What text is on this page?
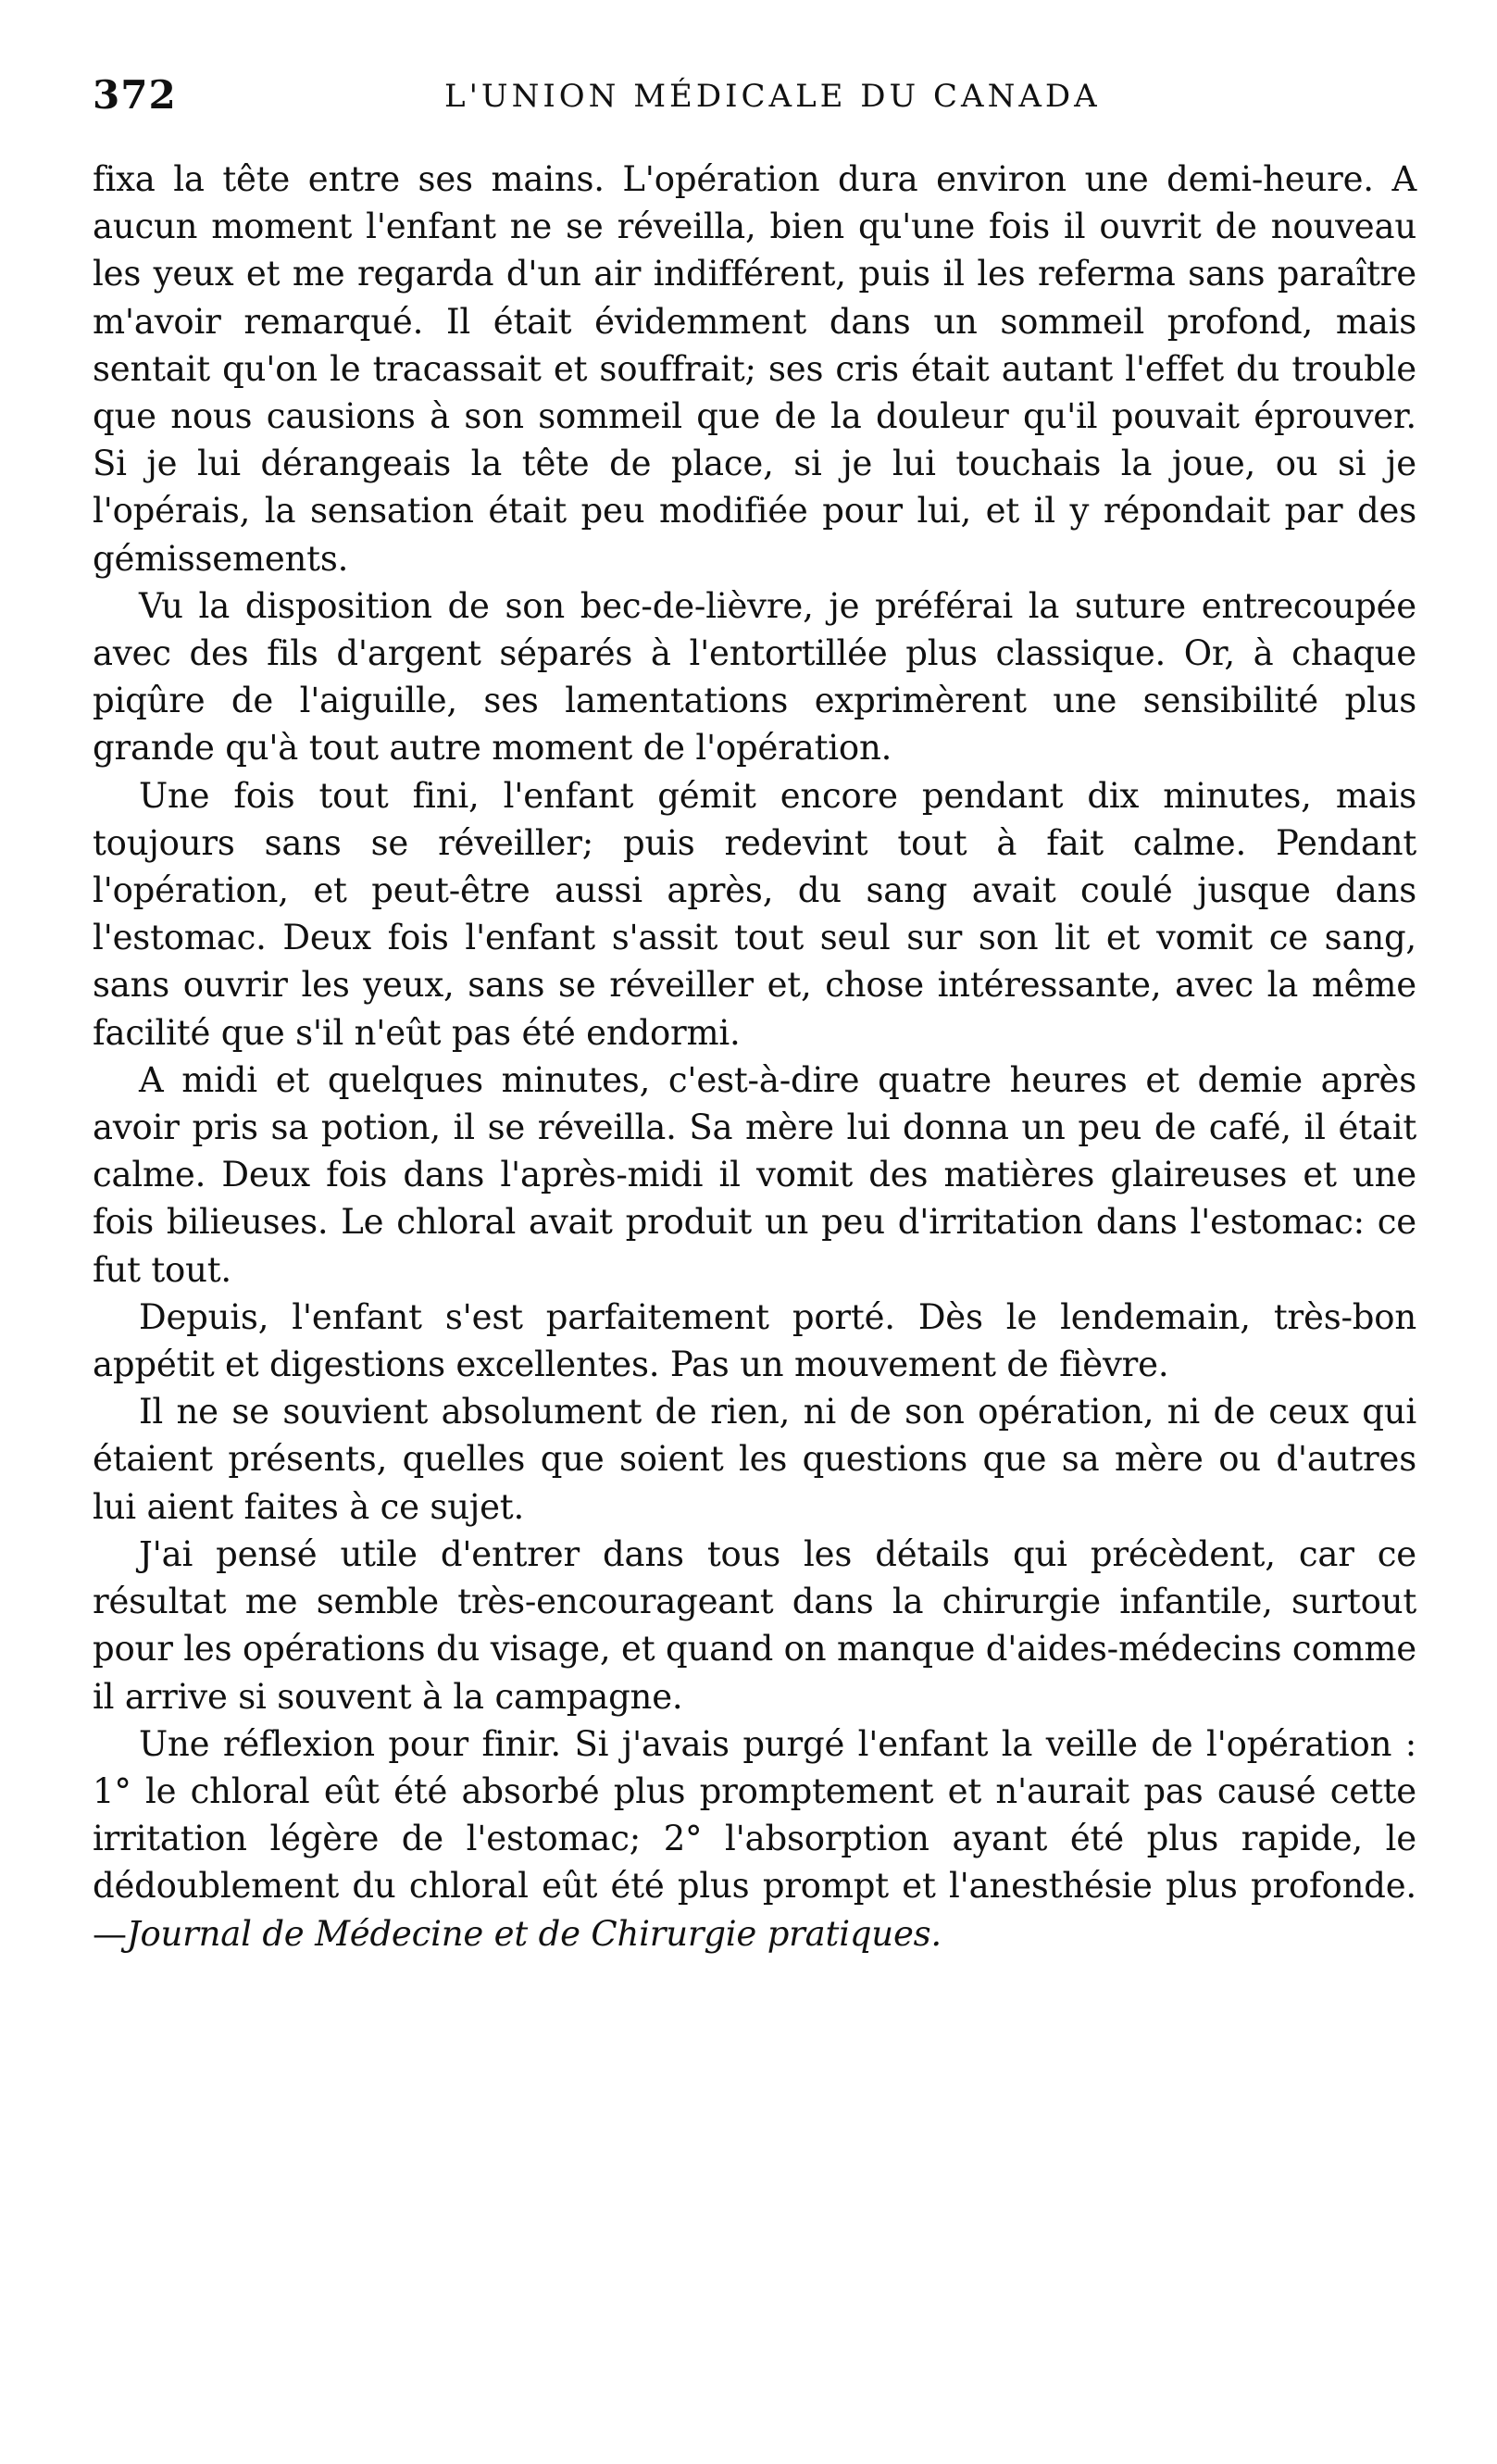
372	L'UNION MÉDICALE DU CANADA

fixa la tête entre ses mains. L'opération dura environ une demi-heure. A aucun moment l'enfant ne se réveilla, bien qu'une fois il ouvrit de nouveau les yeux et me regarda d'un air indifférent, puis il les referma sans paraître m'avoir remarqué. Il était évidemment dans un sommeil profond, mais sentait qu'on le tracassait et souffrait; ses cris était autant l'effet du trouble que nous causions à son sommeil que de la douleur qu'il pouvait éprouver. Si je lui dérangeais la tête de place, si je lui touchais la joue, ou si je l'opérais, la sensation était peu modifiée pour lui, et il y répondait par des gémissements.

Vu la disposition de son bec-de-lièvre, je préférai la suture entrecoupée avec des fils d'argent séparés à l'entortillée plus classique. Or, à chaque piqûre de l'aiguille, ses lamentations exprimèrent une sensibilité plus grande qu'à tout autre moment de l'opération.

Une fois tout fini, l'enfant gémit encore pendant dix minutes, mais toujours sans se réveiller; puis redevint tout à fait calme. Pendant l'opération, et peut-être aussi après, du sang avait coulé jusque dans l'estomac. Deux fois l'enfant s'assit tout seul sur son lit et vomit ce sang, sans ouvrir les yeux, sans se réveiller et, chose intéressante, avec la même facilité que s'il n'eût pas été endormi.

A midi et quelques minutes, c'est-à-dire quatre heures et demie après avoir pris sa potion, il se réveilla. Sa mère lui donna un peu de café, il était calme. Deux fois dans l'après-midi il vomit des matières glaireuses et une fois bilieuses. Le chloral avait produit un peu d'irritation dans l'estomac: ce fut tout.

Depuis, l'enfant s'est parfaitement porté. Dès le lendemain, très-bon appétit et digestions excellentes. Pas un mouvement de fièvre.

Il ne se souvient absolument de rien, ni de son opération, ni de ceux qui étaient présents, quelles que soient les questions que sa mère ou d'autres lui aient faites à ce sujet.

J'ai pensé utile d'entrer dans tous les détails qui précèdent, car ce résultat me semble très-encourageant dans la chirurgie infantile, surtout pour les opérations du visage, et quand on manque d'aides-médecins comme il arrive si souvent à la campagne.

Une réflexion pour finir. Si j'avais purgé l'enfant la veille de l'opération : 1° le chloral eût été absorbé plus promptement et n'aurait pas causé cette irritation légère de l'estomac; 2° l'absorption ayant été plus rapide, le dédoublement du chloral eût été plus prompt et l'anesthésie plus profonde.—Journal de Médecine et de Chirurgie pratiques.
